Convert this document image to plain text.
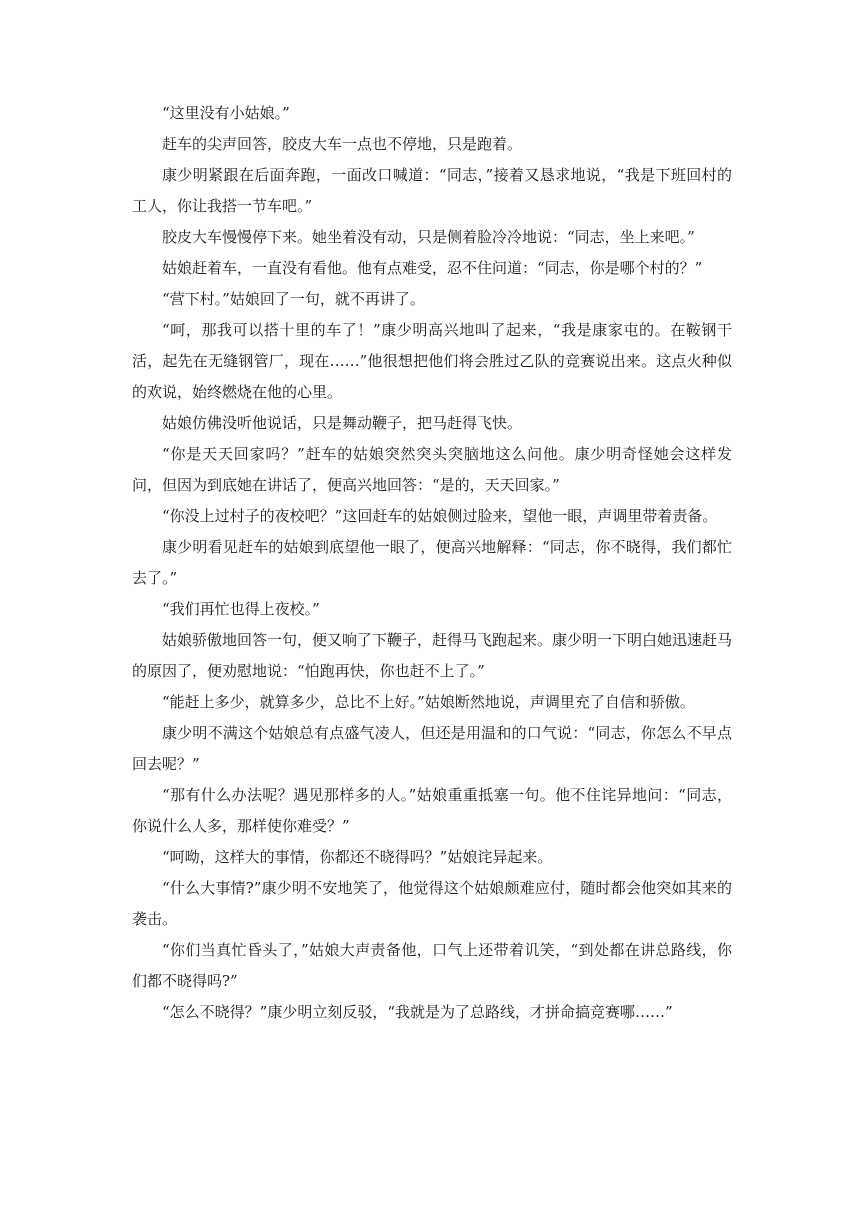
“这里没有小姑娘。”

赶车的尖声回答，胶皮大车一点也不停地，只是跑着。

康少明紧跟在后面奔跑，一面改口喊道：“同志，”接着又恳求地说，“我是下班回村的工人，你让我搭一节车吧。”

胶皮大车慢慢停下来。她坐着没有动，只是侧着脸冷冷地说：“同志，坐上来吧。”

姑娘赶着车，一直没有看他。他有点难受，忍不住问道：“同志，你是哪个村的？”

“营下村。”姑娘回了一句，就不再讲了。

“呵，那我可以搭十里的车了！”康少明高兴地叫了起来，“我是康家屯的。在鞍钢干活，起先在无缝钢管厂，现在……”他很想把他们将会胜过乙队的竞赛说出来。这点火种似的欢说，始终燃烧在他的心里。

姑娘仿佛没听他说话，只是舞动鞭子，把马赶得飞快。

“你是天天回家吗？”赶车的姑娘突然突头突脑地这么问他。康少明奇怪她会这样发问，但因为到底她在讲话了，便高兴地回答：“是的，天天回家。”

“你没上过村子的夜校吧？”这回赶车的姑娘侧过脸来，望他一眼，声调里带着责备。

康少明看见赶车的姑娘到底望他一眼了，便高兴地解释：“同志，你不晓得，我们都忙去了。”

“我们再忙也得上夜校。”

姑娘骄傲地回答一句，便又响了下鞭子，赶得马飞跑起来。康少明一下明白她迅速赶马的原因了，便劝慰地说：“怕跑再快，你也赶不上了。”

“能赶上多少，就算多少，总比不上好。”姑娘断然地说，声调里充了自信和骄傲。

康少明不满这个姑娘总有点盛气凌人，但还是用温和的口气说：“同志，你怎么不早点回去呢？”

“那有什么办法呢？遇见那样多的人。”姑娘重重抵塞一句。他不住诧异地问：“同志，你说什么人多，那样使你难受？”

“呵呦，这样大的事情，你都还不晓得吗？”姑娘诧异起来。

“什么大事情?”康少明不安地笑了，他觉得这个姑娘颇难应付，随时都会他突如其来的袭击。

“你们当真忙昏头了，”姑娘大声责备他，口气上还带着讥笑，“到处都在讲总路线，你们都不晓得吗?”

“怎么不晓得？”康少明立刻反驳，“我就是为了总路线，才拼命搞竞赛哪……”
